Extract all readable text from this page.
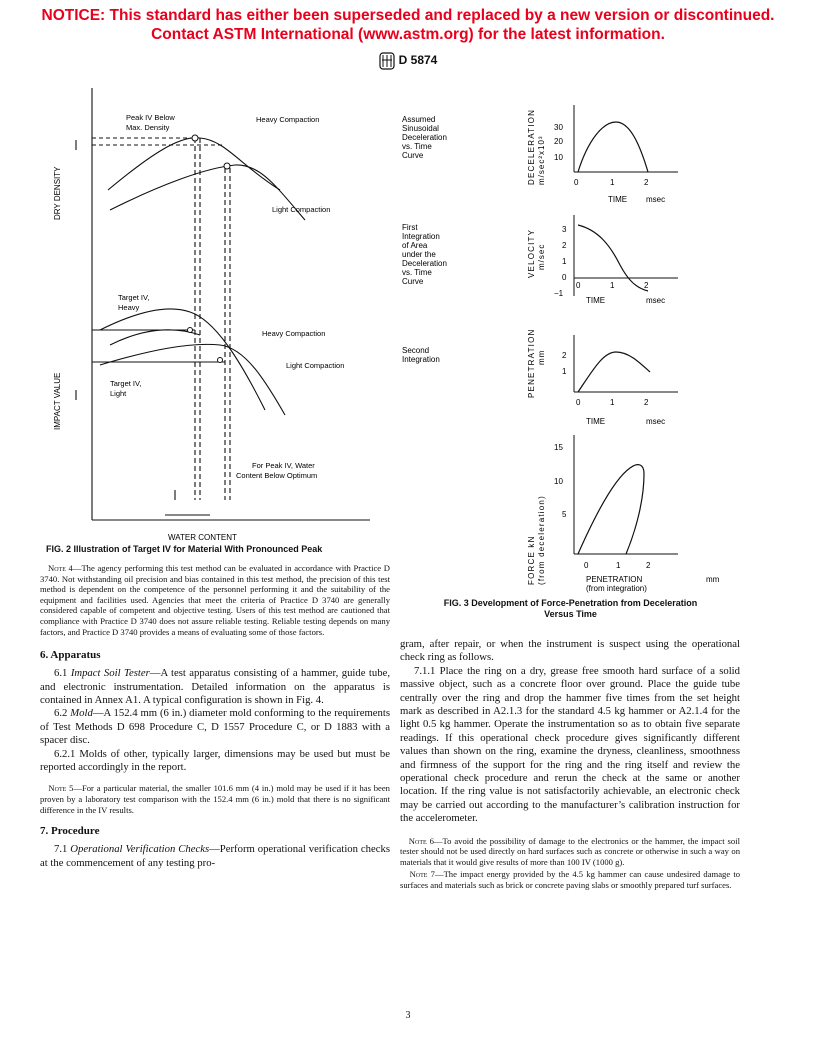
NOTICE: This standard has either been superseded and replaced by a new version or discontinued.
Contact ASTM International (www.astm.org) for the latest information.
D 5874
DRY DENSITY
IMPACT VALUE
WATER CONTENT
Peak IV Below
Max. Density
Heavy Compaction
Light Compaction
Target IV,
Heavy
Heavy Compaction
Light Compaction
Target IV,
Light
For Peak IV, Water
Content Below Optimum
FIG. 2 Illustration of Target IV for Material With Pronounced Peak
Assumed
Sinusoidal
Deceleration
vs. Time
Curve	DECELERATION m/sec²x10³
30
20
10
0	1	2
TIME msec
First
Integration
of Area
under the
Deceleration
vs. Time
Curve
VELOCITY m/sec
3
2
1
0
−1
0	1	2
TIME	msec
Second
Integration	PENETRATION mm 2
1
0	1	2
TIME	msec
FORCE kN (from deceleration)
15
10
5
0	1	2
PENETRATION	mm
(from integration)
FIG. 3 Development of Force-Penetration from Deceleration
Versus Time
Note 4—The agency performing this test method can be evaluated in accordance with Practice D 3740. Not withstanding oil precision and bias contained in this test method, the precision of this test method is dependent on the competence of the personnel performing it and the suitability of the equipment and facilities used. Agencies that meet the criteria of Practice D 3740 are generally considered capable of competent and objective testing. Users of this test method are cautioned that compliance with Practice D 3740 does not assure reliable testing. Reliable testing depends on many factors, and Practice D 3740 provides a means of evaluating some of those factors.
6. Apparatus

6.1 Impact Soil Tester—A test apparatus consisting of a hammer, guide tube, and electronic instrumentation. Detailed information on the apparatus is contained in Annex A1. A typical configuration is shown in Fig. 4.

6.2 Mold—A 152.4 mm (6 in.) diameter mold conforming to the requirements of Test Methods D 698 Procedure C, D 1557 Procedure C, or D 1883 with a spacer disc.

6.2.1 Molds of other, typically larger, dimensions may be used but must be reported accordingly in the report.

Note 5—For a particular material, the smaller 101.6 mm (4 in.) mold may be used if it has been proven by a laboratory test comparison with the 152.4 mm (6 in.) mold that there is no significant difference in the IV results.
7. Procedure

7.1 Operational Verification Checks—Perform operational verification checks at the commencement of any testing pro-

gram, after repair, or when the instrument is suspect using the operational check ring as follows.

7.1.1 Place the ring on a dry, grease free smooth hard surface of a solid massive object, such as a concrete floor over ground. Place the guide tube centrally over the ring and drop the hammer five times from the set height mark as described in A2.1.3 for the standard 4.5 kg hammer or A2.1.4 for the light 0.5 kg hammer. Operate the instrumentation so as to obtain five separate readings. If this operational check procedure gives significantly different values than shown on the ring, examine the dryness, cleanliness, smoothness and firmness of the support for the ring and the ring itself and review the operational check procedure and rerun the check at the same or another location. If the ring value is not satisfactorily achievable, an electronic check may be carried out according to the manufacturer’s calibration instruction for the accelerometer.

Note 6—To avoid the possibility of damage to the electronics or the hammer, the impact soil tester should not be used directly on hard surfaces such as concrete or otherwise in such a way on materials that it would give results of more than 100 IV (1000 g).
Note 7—The impact energy provided by the 4.5 kg hammer can cause undesired damage to surfaces and materials such as brick or concrete paving slabs or smoothly prepared turf surfaces.
3
